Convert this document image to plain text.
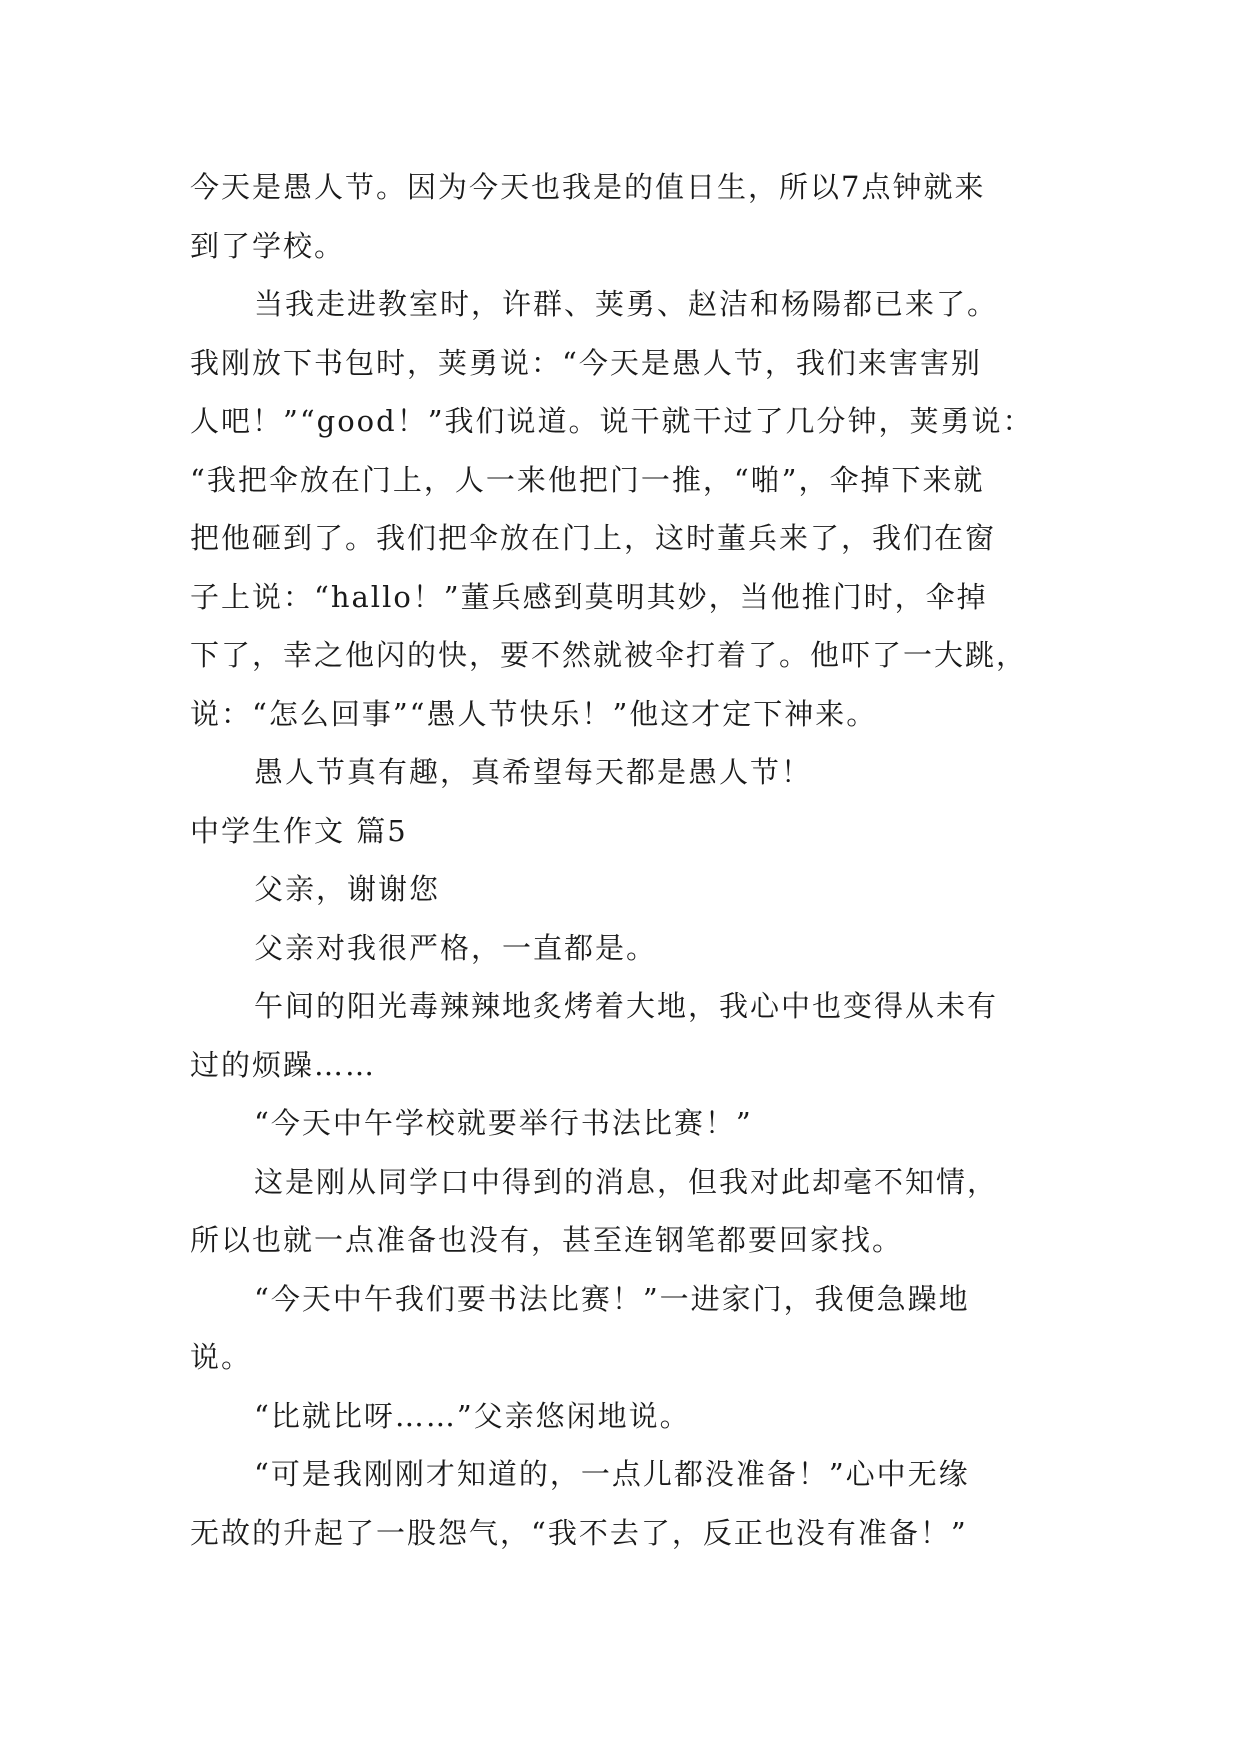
今天是愚人节。因为今天也我是的值日生，所以7点钟就来
到了学校。
当我走进教室时，许群、荚勇、赵洁和杨陽都已来了。
我刚放下书包时，荚勇说：“今天是愚人节，我们来害害别
人吧！”“good！”我们说道。说干就干过了几分钟，荚勇说：
“我把伞放在门上，人一来他把门一推，“啪”，伞掉下来就
把他砸到了。我们把伞放在门上，这时董兵来了，我们在窗
子上说：“hallo！”董兵感到莫明其妙，当他推门时，伞掉
下了，幸之他闪的快，要不然就被伞打着了。他吓了一大跳，
说：“怎么回事”“愚人节快乐！”他这才定下神来。
愚人节真有趣，真希望每天都是愚人节！
中学生作文 篇5
父亲，谢谢您
父亲对我很严格，一直都是。
午间的阳光毒辣辣地炙烤着大地，我心中也变得从未有
过的烦躁……
“今天中午学校就要举行书法比赛！”
这是刚从同学口中得到的消息，但我对此却毫不知情，
所以也就一点准备也没有，甚至连钢笔都要回家找。
“今天中午我们要书法比赛！”一进家门，我便急躁地
说。
“比就比呀……”父亲悠闲地说。
“可是我刚刚才知道的，一点儿都没准备！”心中无缘
无故的升起了一股怨气，“我不去了，反正也没有准备！”
